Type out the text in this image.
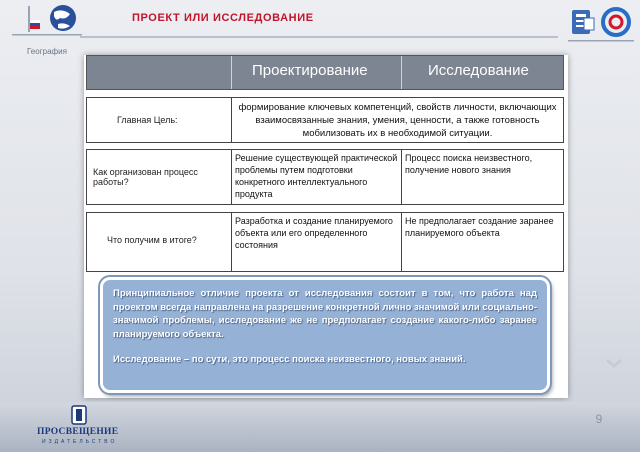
ПРОЕКТ ИЛИ ИССЛЕДОВАНИЕ
География
Проектирование	Исследование
Главная Цель:
формирование ключевых компетенций, свойств личности, включающих взаимосвязанные знания, умения, ценности, а также готовность мобилизовать их в необходимой ситуации.
Как организован процесс работы?
Решение существующей практической проблемы путем подготовки конкретного интеллектуального продукта
Процесс поиска неизвестного, получение нового знания
Что получим в итоге?
Разработка и создание планируемого объекта или его определенного состояния
Не предполагает создание заранее планируемого объекта

Принципиальное отличие проекта от исследования состоит в том, что работа над проектом всегда направлена на разрешение конкретной лично значимой или социально-значимой проблемы, исследование же не предполагает создание какого-либо заранее планируемого объекта.

Исследование – по сути, это процесс поиска неизвестного, новых знаний.

ПРОСВЕЩЕНИЕ
ИЗДАТЕЛЬСТВО
9
